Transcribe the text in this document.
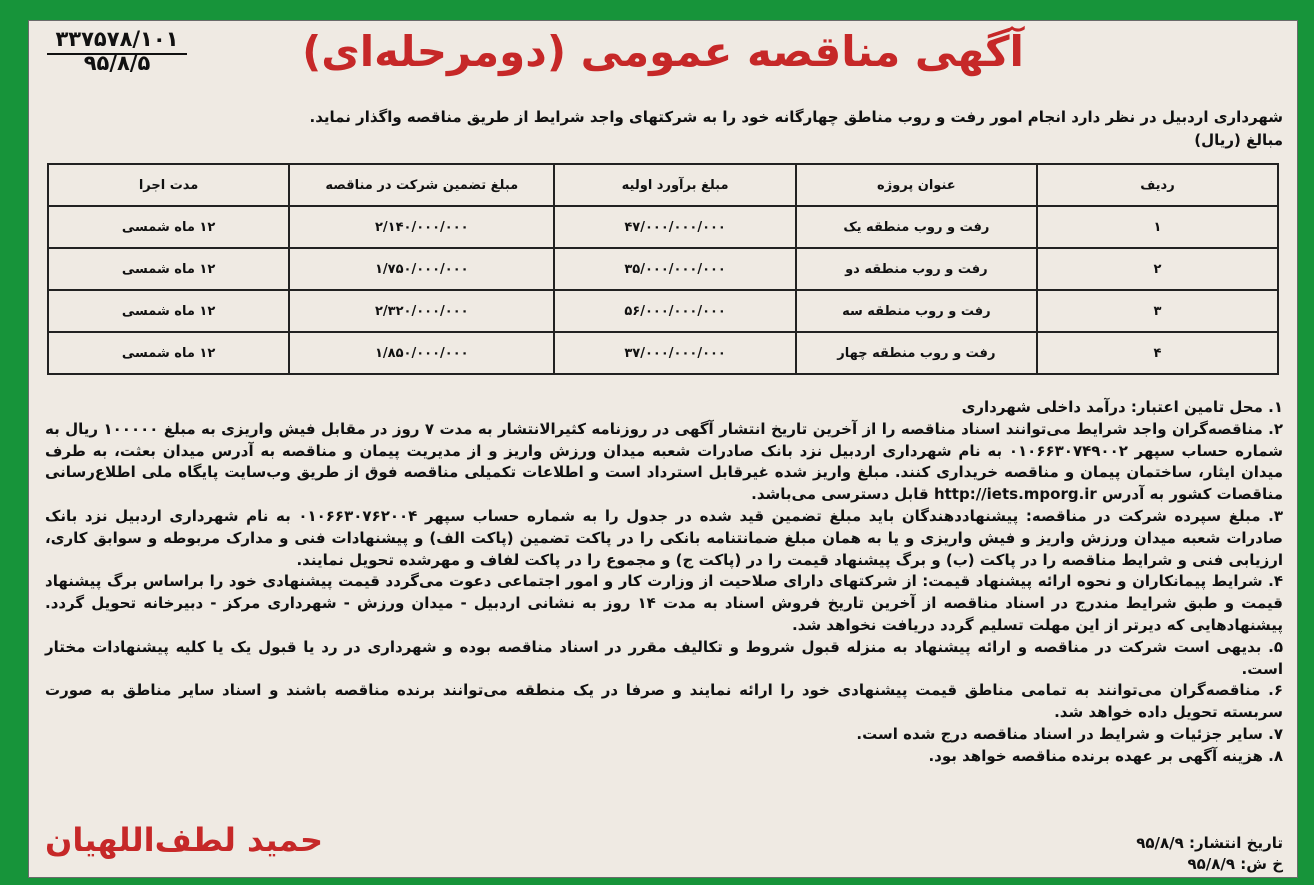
۳۳۷۵۷۸/۱۰۱
۹۵/۸/۵	آگهی مناقصه عمومی (دومرحله‌ای)
شهرداری اردبیل در نظر دارد انجام امور رفت و روب مناطق چهارگانه خود را به شرکتهای واجد شرایط از طریق مناقصه واگذار نماید.
مبالغ (ریال)
ردیف	عنوان پروژه	مبلغ برآورد اولیه	مبلغ تضمین شرکت در مناقصه	مدت اجرا
۱	رفت و روب منطقه یک	۴۷/۰۰۰/۰۰۰/۰۰۰	۲/۱۴۰/۰۰۰/۰۰۰	۱۲ ماه شمسی
۲	رفت و روب منطقه دو	۳۵/۰۰۰/۰۰۰/۰۰۰	۱/۷۵۰/۰۰۰/۰۰۰	۱۲ ماه شمسی
۳	رفت و روب منطقه سه	۵۶/۰۰۰/۰۰۰/۰۰۰	۲/۳۲۰/۰۰۰/۰۰۰	۱۲ ماه شمسی
۴	رفت و روب منطقه چهار	۳۷/۰۰۰/۰۰۰/۰۰۰	۱/۸۵۰/۰۰۰/۰۰۰	۱۲ ماه شمسی
۱. محل تامین اعتبار: درآمد داخلی شهرداری
۲. مناقصه‌گران واجد شرایط می‌توانند اسناد مناقصه را از آخرین تاریخ انتشار آگهی در روزنامه کثیرالانتشار به مدت ۷ روز در مقابل فیش واریزی به مبلغ ۱۰۰۰۰۰ ریال به شماره حساب سپهر ۰۱۰۶۶۳۰۷۴۹۰۰۲ به نام شهرداری اردبیل نزد بانک صادرات شعبه میدان ورزش واریز و از مدیریت پیمان و مناقصه به آدرس میدان بعثت، به طرف میدان ایثار، ساختمان پیمان و مناقصه خریداری کنند. مبلغ واریز شده غیرقابل استرداد است و اطلاعات تکمیلی مناقصه فوق از طریق وب‌سایت پایگاه ملی اطلاع‌رسانی مناقصات کشور به آدرس http://iets.mporg.ir قابل دسترسی می‌باشد.
۳. مبلغ سپرده شرکت در مناقصه: پیشنهاددهندگان باید مبلغ تضمین قید شده در جدول را به شماره حساب سپهر ۰۱۰۶۶۳۰۷۶۲۰۰۴ به نام شهرداری اردبیل نزد بانک صادرات شعبه میدان ورزش واریز و فیش واریزی و یا به همان مبلغ ضمانتنامه بانکی را در پاکت تضمین (پاکت الف) و پیشنهادات فنی و مدارک مربوطه و سوابق کاری، ارزیابی فنی و شرایط مناقصه را در پاکت (ب) و برگ پیشنهاد قیمت را در (پاکت ج) و مجموع را در پاکت لفاف و مهرشده تحویل نمایند.
۴. شرایط پیمانکاران و نحوه ارائه پیشنهاد قیمت: از شرکتهای دارای صلاحیت از وزارت کار و امور اجتماعی دعوت می‌گردد قیمت پیشنهادی خود را براساس برگ پیشنهاد قیمت و طبق شرایط مندرج در اسناد مناقصه از آخرین تاریخ فروش اسناد به مدت ۱۴ روز به نشانی اردبیل - میدان ورزش - شهرداری مرکز - دبیرخانه تحویل گردد. پیشنهادهایی که دیرتر از این مهلت تسلیم گردد دریافت نخواهد شد.
۵. بدیهی است شرکت در مناقصه و ارائه پیشنهاد به منزله قبول شروط و تکالیف مقرر در اسناد مناقصه بوده و شهرداری در رد یا قبول یک یا کلیه پیشنهادات مختار است.
۶. مناقصه‌گران می‌توانند به تمامی مناطق قیمت پیشنهادی خود را ارائه نمایند و صرفا در یک منطقه می‌توانند برنده مناقصه باشند و اسناد سایر مناطق به صورت سربسته تحویل داده خواهد شد.
۷. سایر جزئیات و شرایط در اسناد مناقصه درج شده است.
۸. هزینه آگهی بر عهده برنده مناقصه خواهد بود.
تاریخ انتشار: ۹۵/۸/۹
خ ش: ۹۵/۸/۹
حمید لطف‌اللهیان
